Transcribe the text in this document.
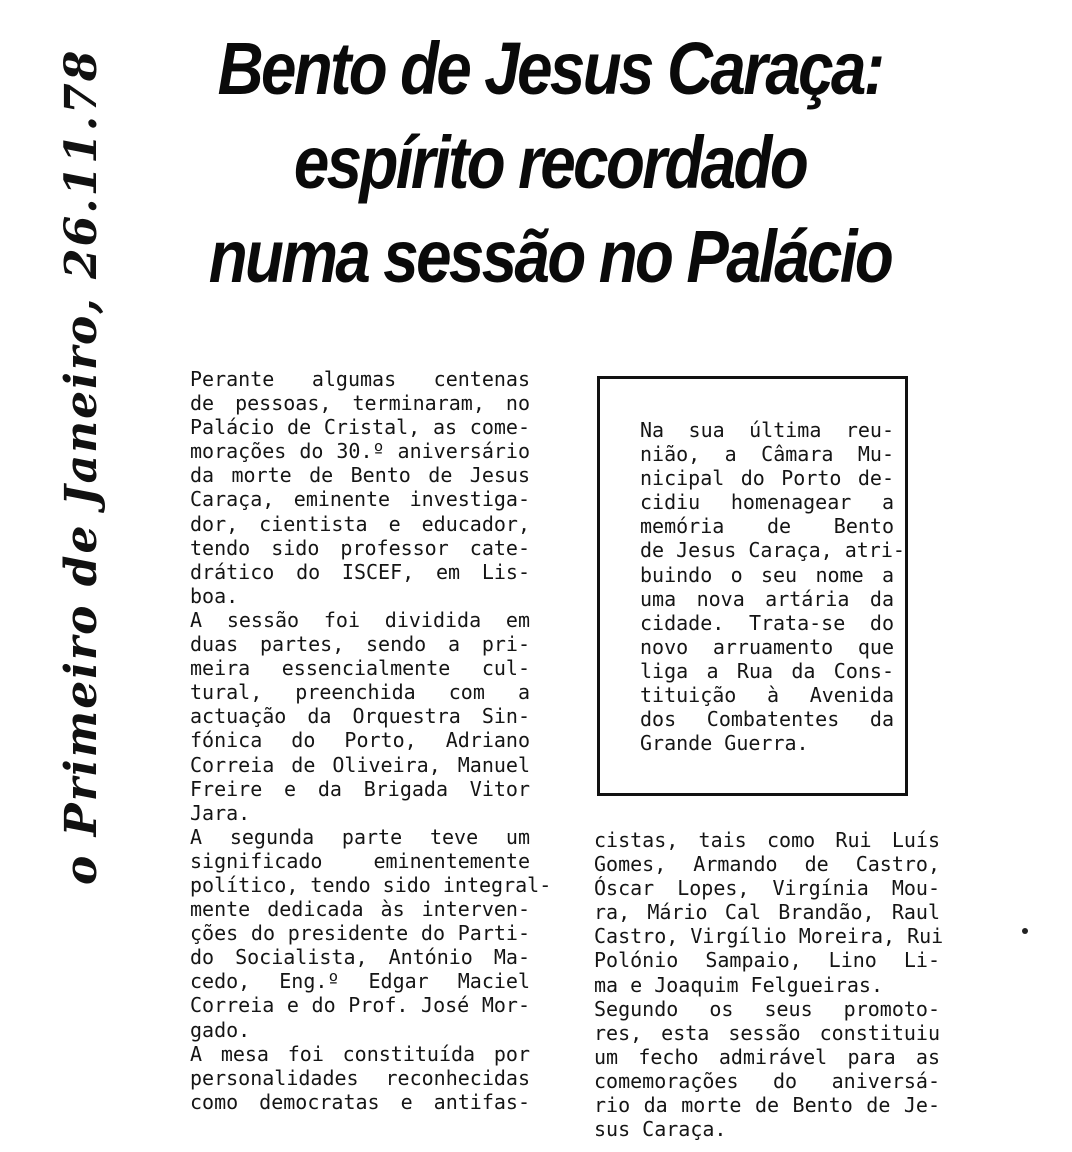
Bento de Jesus Caraça:
espírito recordado
numa sessão no Palácio
o Primeiro de Janeiro, 26.11.78	Perante algumas centenas
de pessoas, terminaram, no
Palácio de Cristal, as come-
morações do 30.º aniversário
da morte de Bento de Jesus
Caraça, eminente investiga-
dor, cientista e educador,
tendo sido professor cate-
drático do ISCEF, em Lis-
boa.

A sessão foi dividida em
duas partes, sendo a pri-
meira essencialmente cul-
tural, preenchida com a
actuação da Orquestra Sin-
fónica do Porto, Adriano
Correia de Oliveira, Manuel
Freire e da Brigada Vitor
Jara.

A segunda parte teve um
significado eminentemente
político, tendo sido integral-
mente dedicada às interven-
ções do presidente do Parti-
do Socialista, António Ma-
cedo, Eng.º Edgar Maciel
Correia e do Prof. José Mor-
gado.

A mesa foi constituída por
personalidades reconhecidas
como democratas e antifas-

Na sua última reu-
nião, a Câmara Mu-
nicipal do Porto de-
cidiu homenagear a
memória de Bento
de Jesus Caraça, atri-
buindo o seu nome a
uma nova artária da
cidade. Trata-se do
novo arruamento que
liga a Rua da Cons-
tituição à Avenida
dos Combatentes da
Grande Guerra.

cistas, tais como Rui Luís
Gomes, Armando de Castro,
Óscar Lopes, Virgínia Mou-
ra, Mário Cal Brandão, Raul
Castro, Virgílio Moreira, Rui
Polónio Sampaio, Lino Li-
ma e Joaquim Felgueiras.

Segundo os seus promoto-
res, esta sessão constituiu
um fecho admirável para as
comemorações do aniversá-
rio da morte de Bento de Je-
sus Caraça.
